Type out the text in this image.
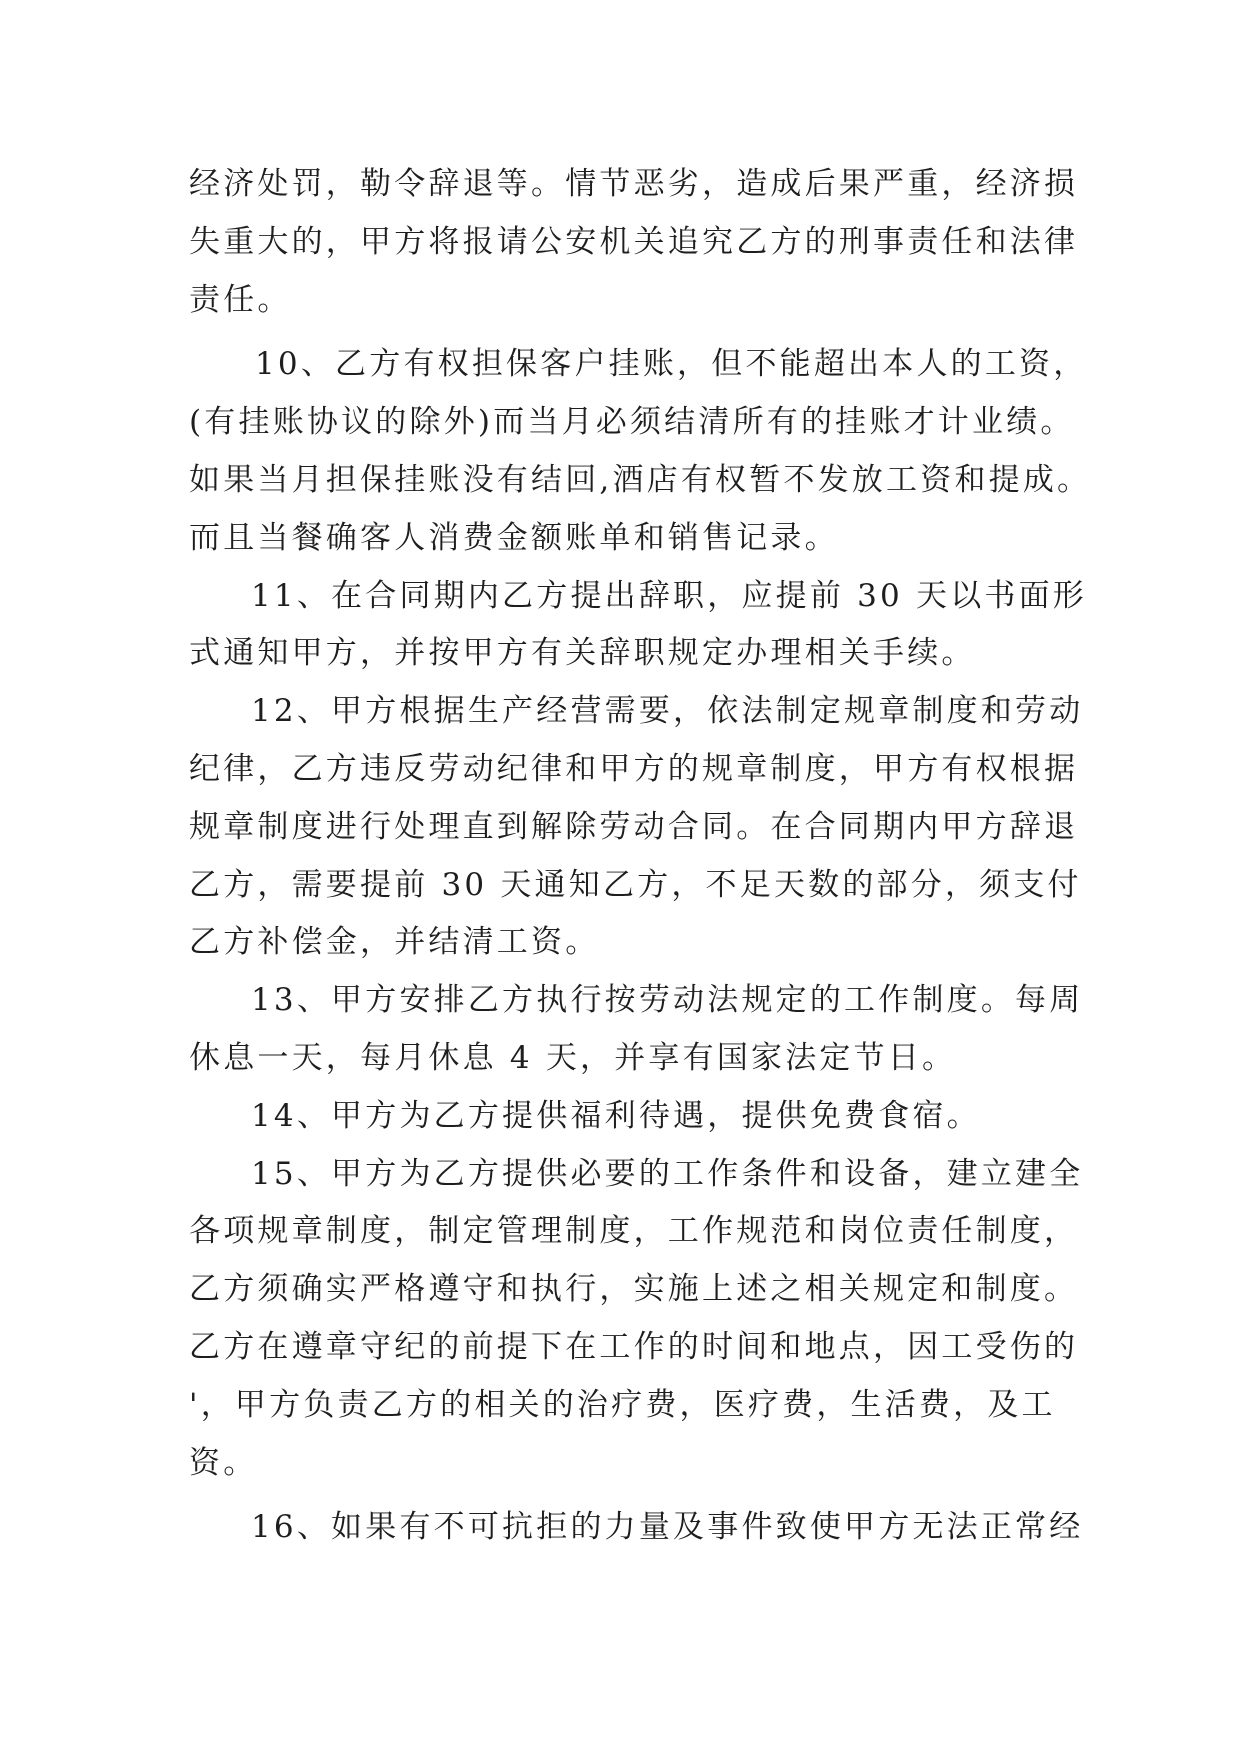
经济处罚，勒令辞退等。情节恶劣，造成后果严重，经济损
失重大的，甲方将报请公安机关追究乙方的刑事责任和法律
责任。

10、乙方有权担保客户挂账，但不能超出本人的工资，
(有挂账协议的除外)而当月必须结清所有的挂账才计业绩。
如果当月担保挂账没有结回,酒店有权暂不发放工资和提成。
而且当餐确客人消费金额账单和销售记录。

11、在合同期内乙方提出辞职，应提前 30 天以书面形
式通知甲方，并按甲方有关辞职规定办理相关手续。

12、甲方根据生产经营需要，依法制定规章制度和劳动
纪律，乙方违反劳动纪律和甲方的规章制度，甲方有权根据
规章制度进行处理直到解除劳动合同。在合同期内甲方辞退
乙方，需要提前 30 天通知乙方，不足天数的部分，须支付
乙方补偿金，并结清工资。

13、甲方安排乙方执行按劳动法规定的工作制度。每周
休息一天，每月休息 4 天，并享有国家法定节日。

14、甲方为乙方提供福利待遇，提供免费食宿。

15、甲方为乙方提供必要的工作条件和设备，建立建全
各项规章制度，制定管理制度，工作规范和岗位责任制度，
乙方须确实严格遵守和执行，实施上述之相关规定和制度。
乙方在遵章守纪的前提下在工作的时间和地点，因工受伤的
'，甲方负责乙方的相关的治疗费，医疗费，生活费，及工
资。

16、如果有不可抗拒的力量及事件致使甲方无法正常经
